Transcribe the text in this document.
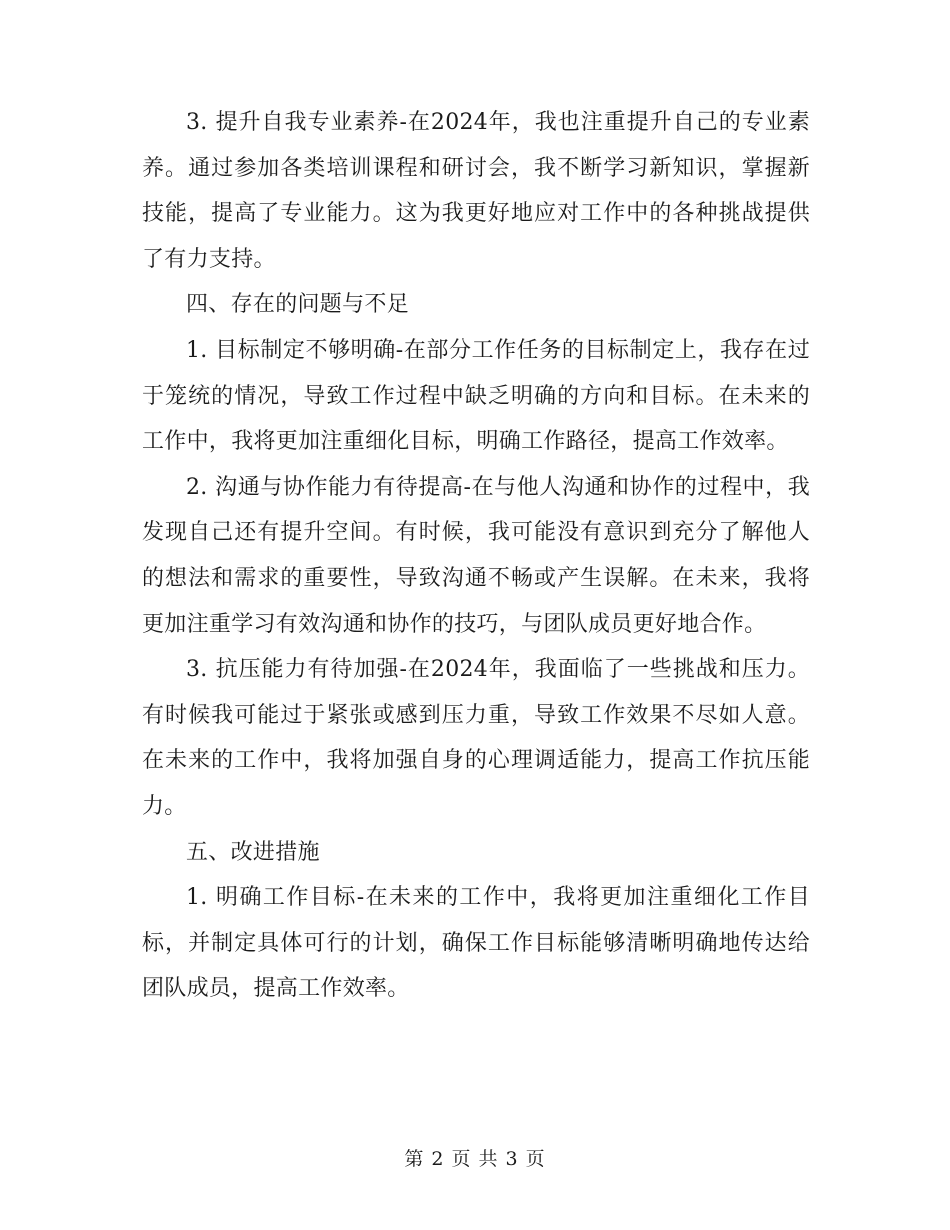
3. 提升自我专业素养-在2024年，我也注重提升自己的专业素养。通过参加各类培训课程和研讨会，我不断学习新知识，掌握新技能，提高了专业能力。这为我更好地应对工作中的各种挑战提供了有力支持。

四、存在的问题与不足

1. 目标制定不够明确-在部分工作任务的目标制定上，我存在过于笼统的情况，导致工作过程中缺乏明确的方向和目标。在未来的工作中，我将更加注重细化目标，明确工作路径，提高工作效率。

2. 沟通与协作能力有待提高-在与他人沟通和协作的过程中，我发现自己还有提升空间。有时候，我可能没有意识到充分了解他人的想法和需求的重要性，导致沟通不畅或产生误解。在未来，我将更加注重学习有效沟通和协作的技巧，与团队成员更好地合作。

3. 抗压能力有待加强-在2024年，我面临了一些挑战和压力。有时候我可能过于紧张或感到压力重，导致工作效果不尽如人意。在未来的工作中，我将加强自身的心理调适能力，提高工作抗压能力。

五、改进措施

1. 明确工作目标-在未来的工作中，我将更加注重细化工作目标，并制定具体可行的计划，确保工作目标能够清晰明确地传达给团队成员，提高工作效率。

第 2 页 共 3 页
